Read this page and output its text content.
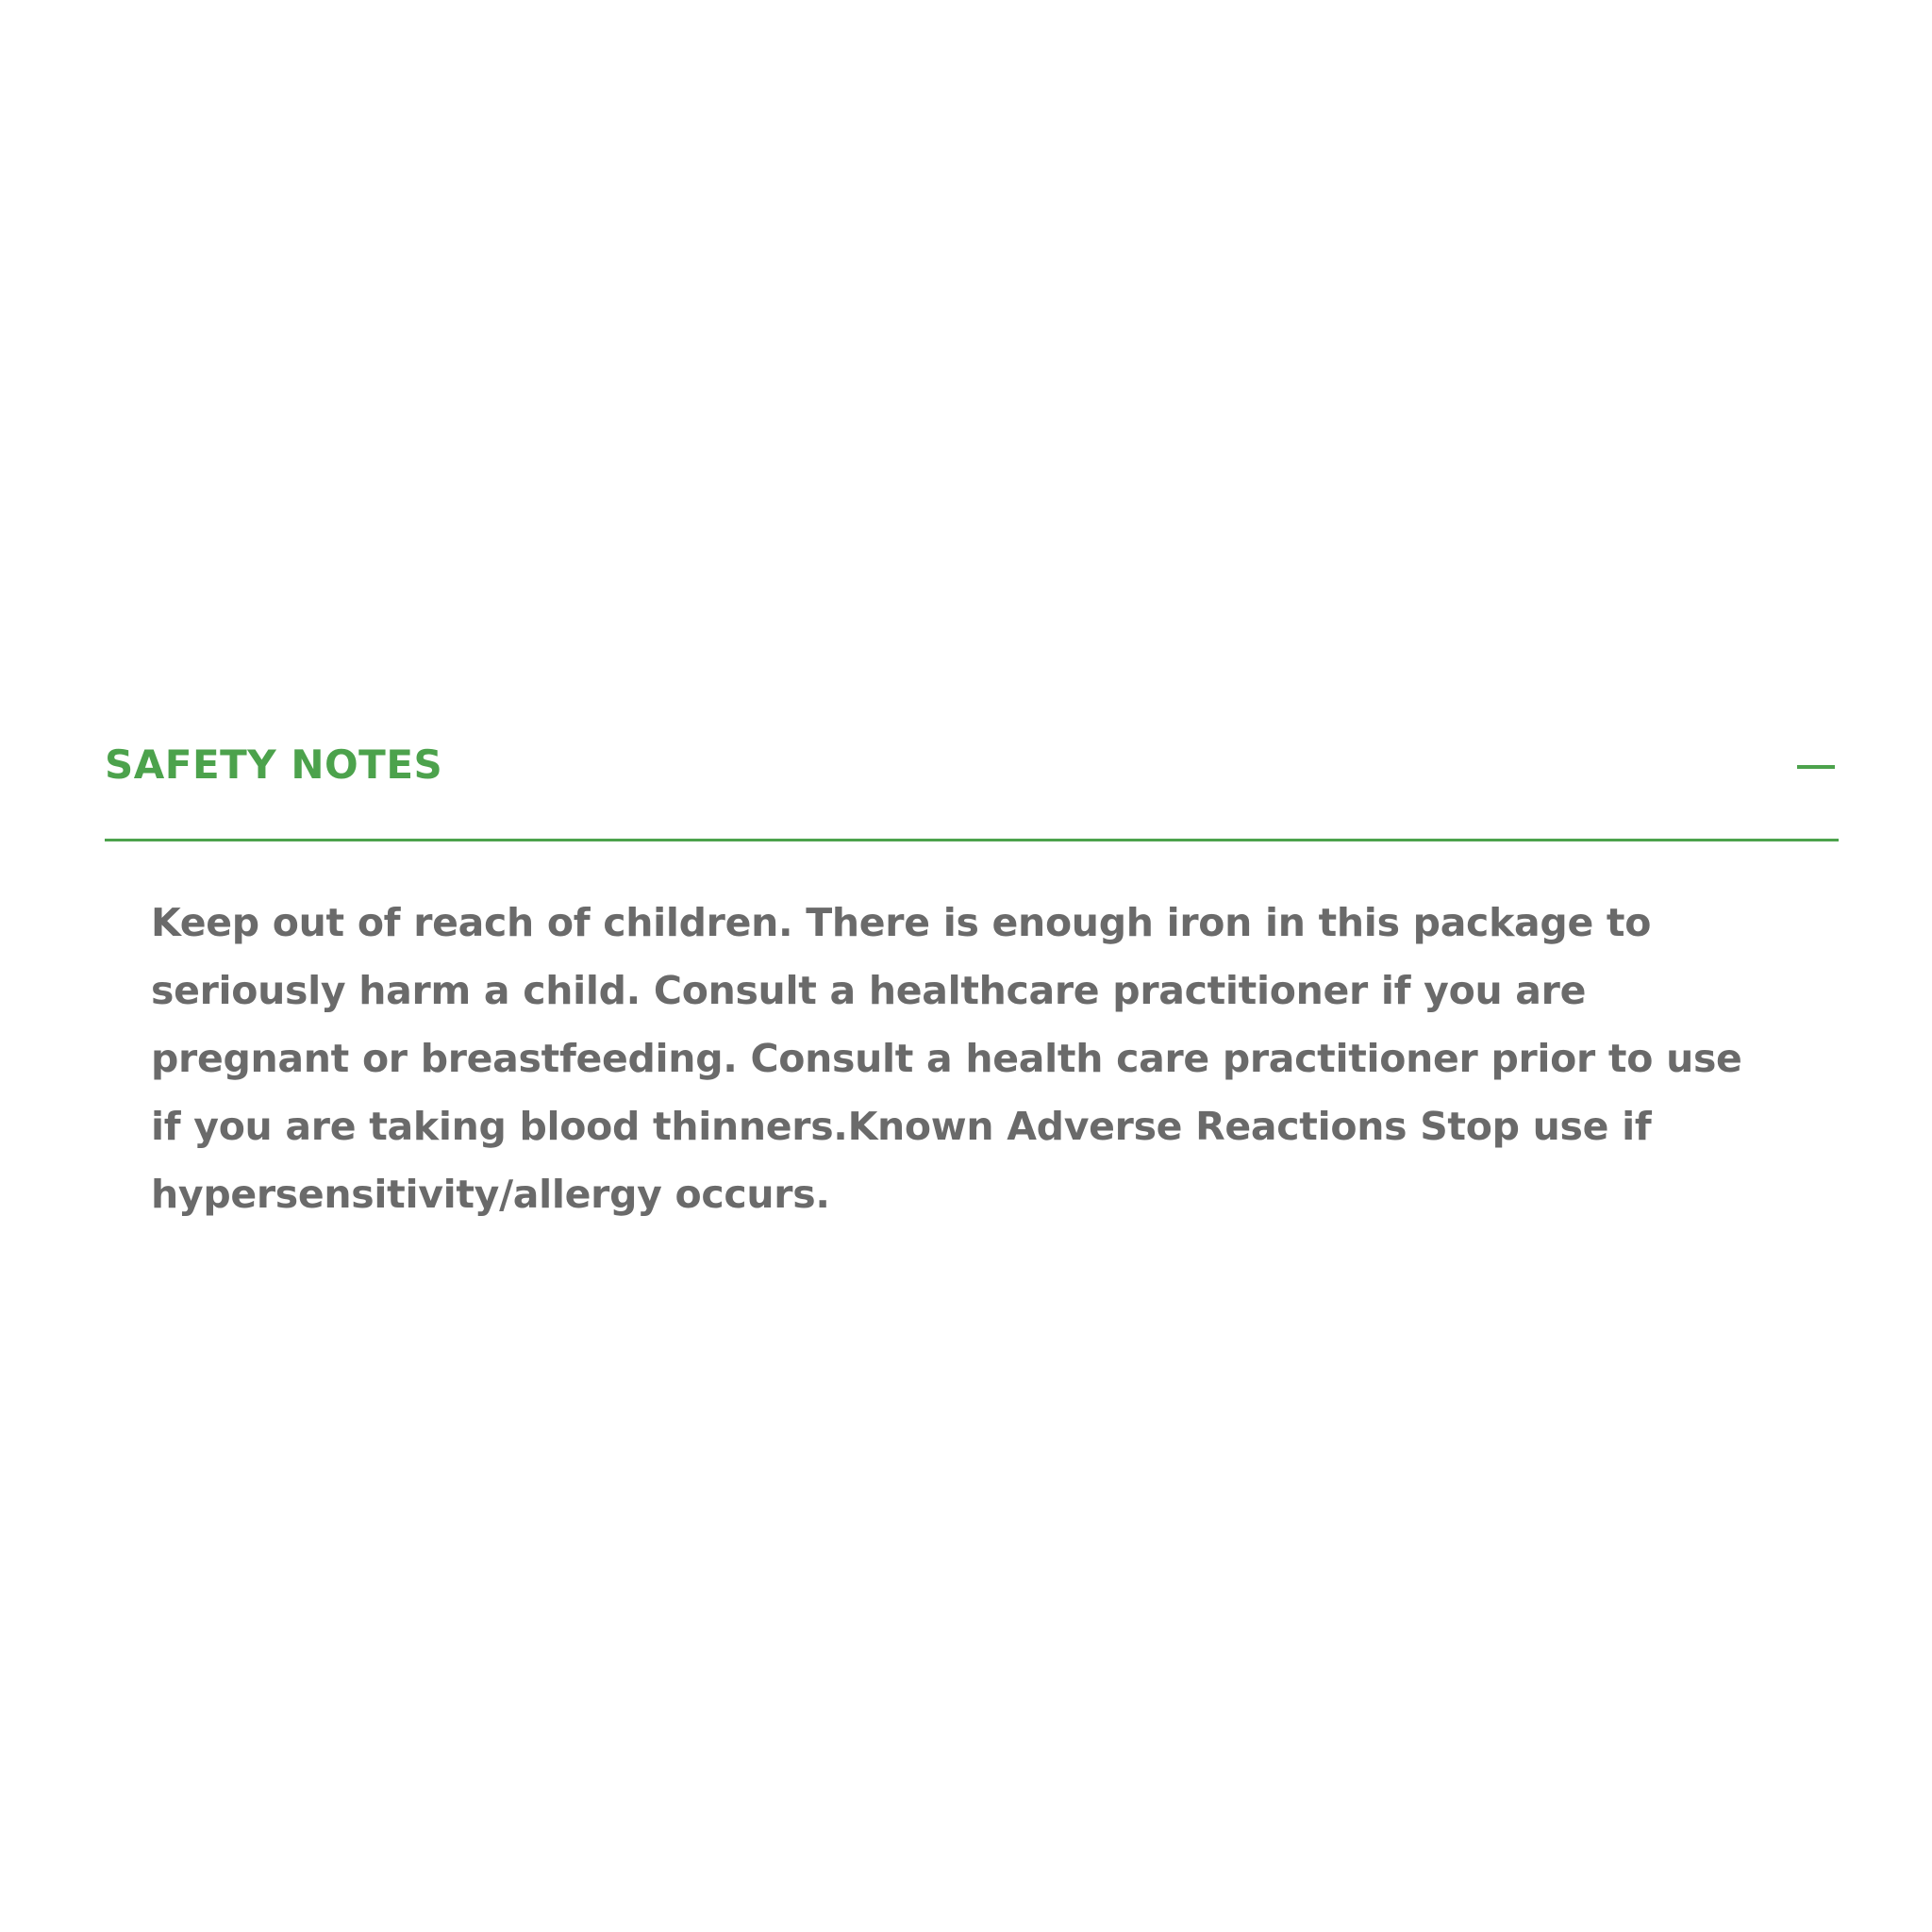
SAFETY NOTES

Keep out of reach of children. There is enough iron in this package to seriously harm a child. Consult a healthcare practitioner if you are pregnant or breastfeeding. Consult a health care practitioner prior to use if you are taking blood thinners.Known Adverse Reactions Stop use if hypersensitivity/allergy occurs.
